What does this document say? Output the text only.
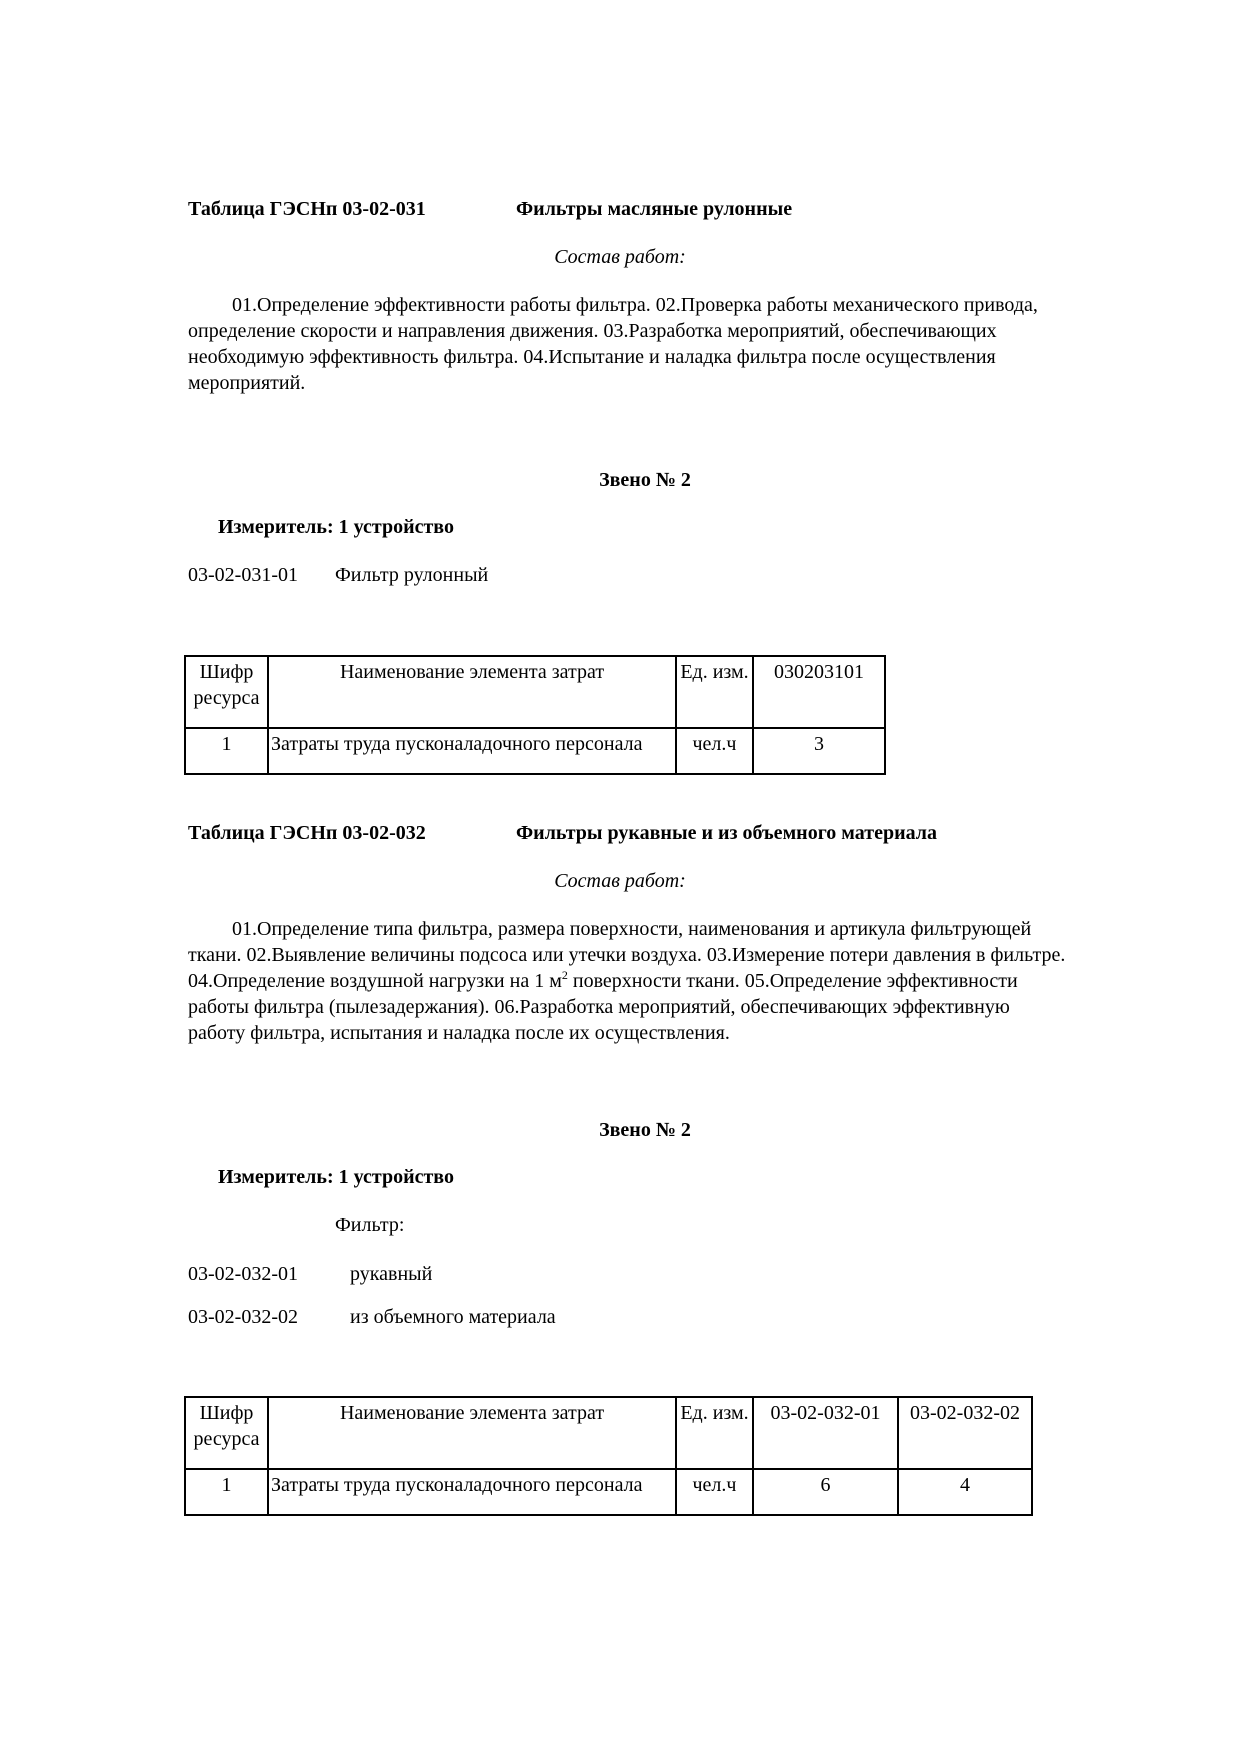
Таблица ГЭСНп 03-02-031	Фильтры масляные рулонные
Состав работ:
01.Определение эффективности работы фильтра. 02.Проверка работы механического привода, определение скорости и направления движения. 03.Разработка мероприятий, обеспечивающих необходимую эффективность фильтра. 04.Испытание и наладка фильтра после осуществления мероприятий.
Звено № 2
Измеритель: 1 устройство
03-02-031-01 Фильтр рулонный
Шифр ресурса	Наименование элемента затрат	Ед. изм.	030203101
1	Затраты труда пусконаладочного персонала	чел.ч	3
Таблица ГЭСНп 03-02-032	Фильтры рукавные и из объемного материала
Состав работ:
01.Определение типа фильтра, размера поверхности, наименования и артикула фильтрующей ткани. 02.Выявление величины подсоса или утечки воздуха. 03.Измерение потери давления в фильтре. 04.Определение воздушной нагрузки на 1 $м^2$ поверхности ткани. 05.Определение эффективности работы фильтра (пылезадержания). 06.Разработка мероприятий, обеспечивающих эффективную работу фильтра, испытания и наладка после их осуществления.
Звено № 2
Измеритель: 1 устройство
Фильтр:
03-02-032-01	рукавный
03-02-032-02	из объемного материала
Шифр ресурса	Наименование элемента затрат	Ед. изм.	03-02-032-01	03-02-032-02
1	Затраты труда пусконаладочного персонала	чел.ч	6	4
